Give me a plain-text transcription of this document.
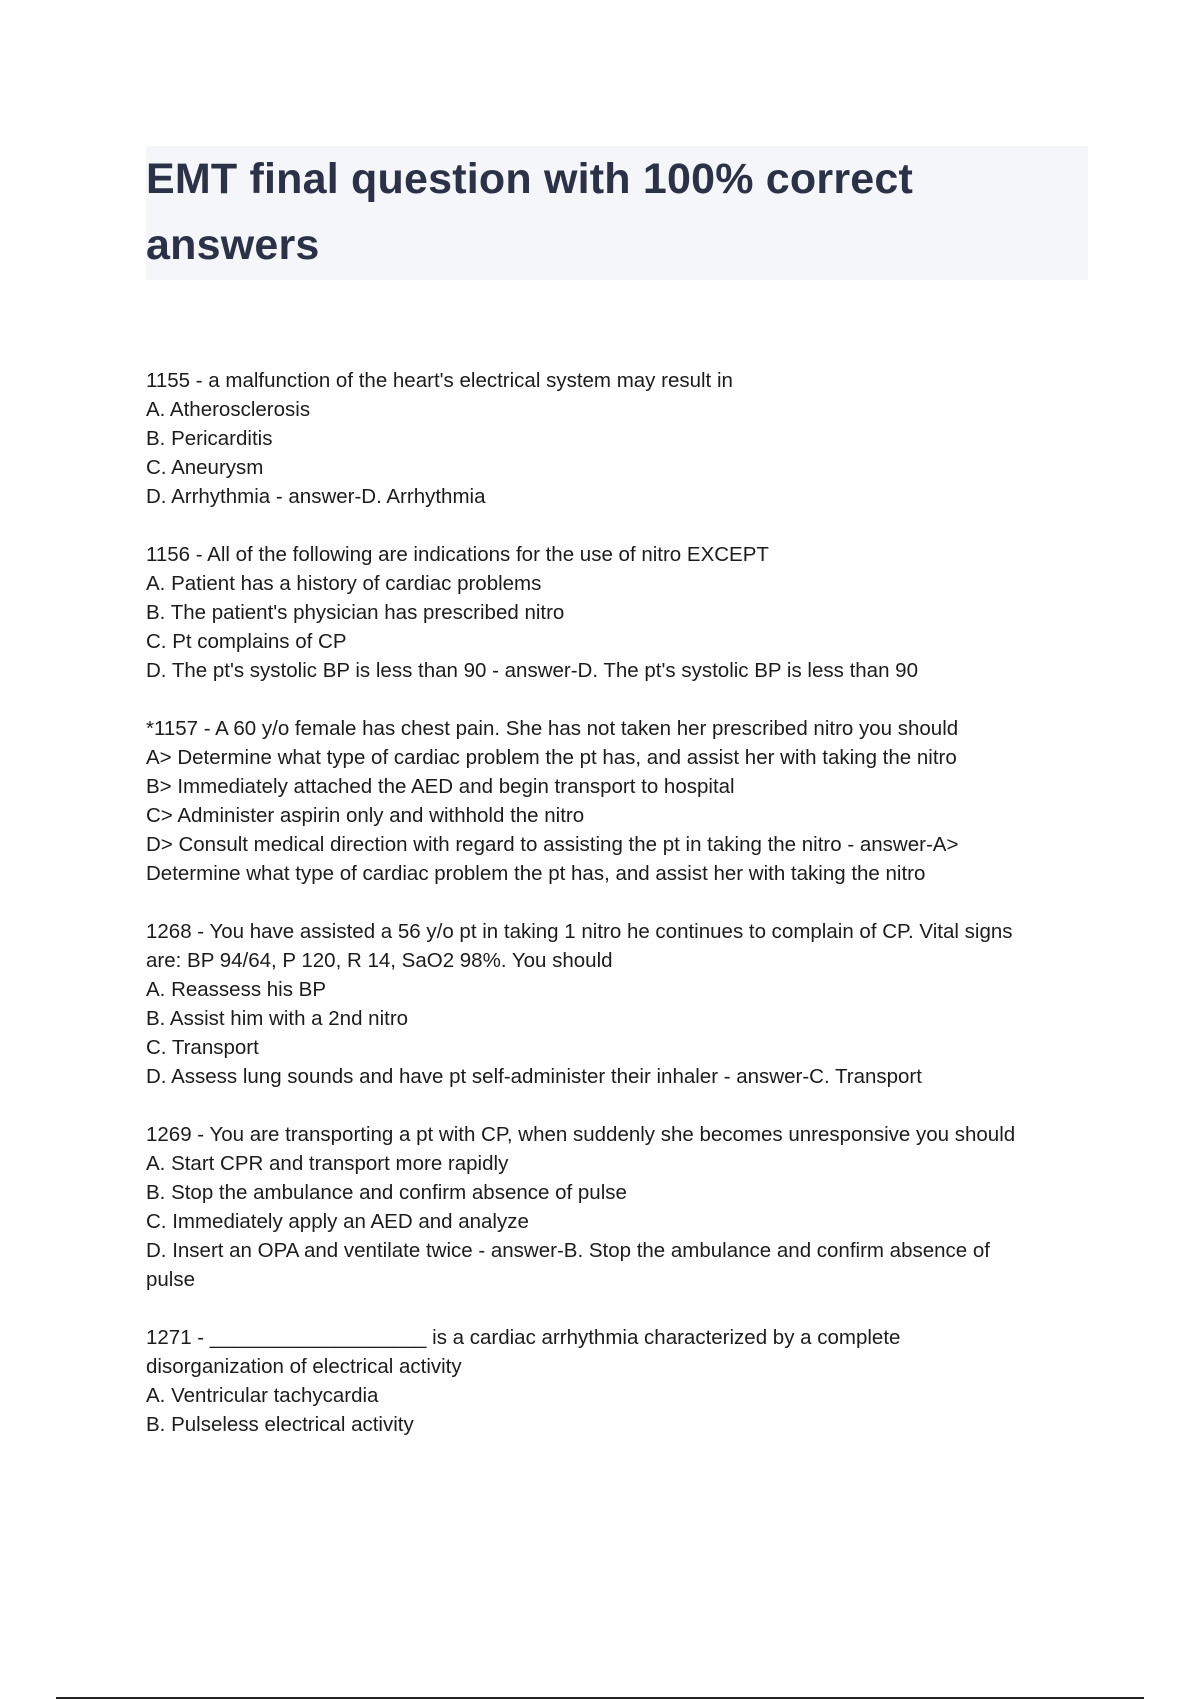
EMT final question with 100% correct answers

1155 - a malfunction of the heart's electrical system may result in

A. Atherosclerosis

B. Pericarditis

C. Aneurysm

D. Arrhythmia - answer-D. Arrhythmia

1156 - All of the following are indications for the use of nitro EXCEPT

A. Patient has a history of cardiac problems

B. The patient's physician has prescribed nitro

C. Pt complains of CP

D. The pt's systolic BP is less than 90 - answer-D. The pt's systolic BP is less than 90

*1157 - A 60 y/o female has chest pain. She has not taken her prescribed nitro you should

A> Determine what type of cardiac problem the pt has, and assist her with taking the nitro

B> Immediately attached the AED and begin transport to hospital

C> Administer aspirin only and withhold the nitro

D> Consult medical direction with regard to assisting the pt in taking the nitro - answer-A>

Determine what type of cardiac problem the pt has, and assist her with taking the nitro

1268 - You have assisted a 56 y/o pt in taking 1 nitro he continues to complain of CP. Vital signs

are: BP 94/64, P 120, R 14, SaO2 98%. You should

A. Reassess his BP

B. Assist him with a 2nd nitro

C. Transport

D. Assess lung sounds and have pt self-administer their inhaler - answer-C. Transport

1269 - You are transporting a pt with CP, when suddenly she becomes unresponsive you should

A. Start CPR and transport more rapidly

B. Stop the ambulance and confirm absence of pulse

C. Immediately apply an AED and analyze

D. Insert an OPA and ventilate twice - answer-B. Stop the ambulance and confirm absence of

pulse

1271 - ___________________ is a cardiac arrhythmia characterized by a complete

disorganization of electrical activity

A. Ventricular tachycardia

B. Pulseless electrical activity
